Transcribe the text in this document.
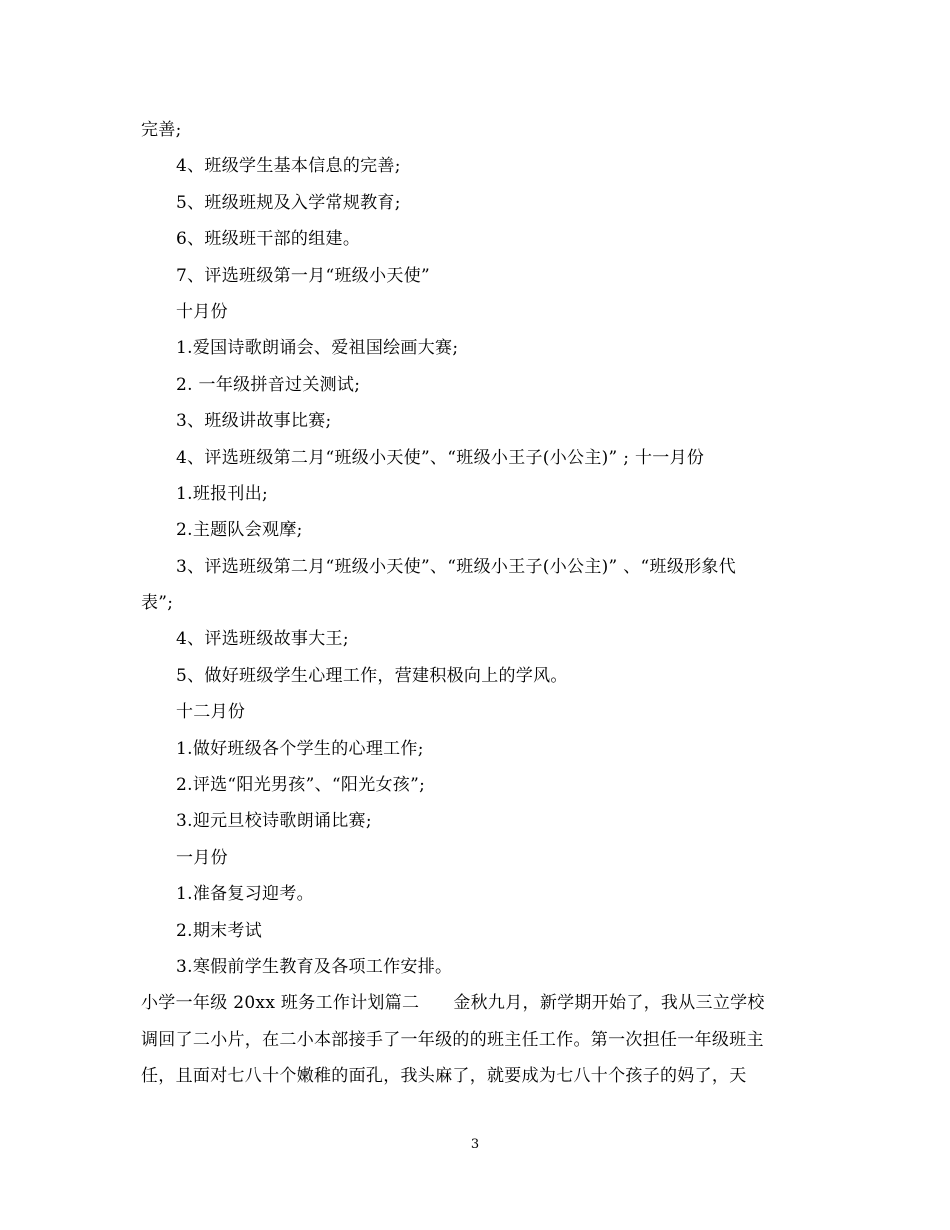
完善;
4、班级学生基本信息的完善;
5、班级班规及入学常规教育;
6、班级班干部的组建。
7、评选班级第一月“班级小天使”
十月份
1.爱国诗歌朗诵会、爱祖国绘画大赛;
2. 一年级拼音过关测试;
3、班级讲故事比赛;
4、评选班级第二月“班级小天使”、“班级小王子(小公主)” ; 十一月份
1.班报刊出;
2.主题队会观摩;
3、评选班级第二月“班级小天使”、“班级小王子(小公主)” 、“班级形象代
表”;
4、评选班级故事大王;
5、做好班级学生心理工作，营建积极向上的学风。
十二月份
1.做好班级各个学生的心理工作;
2.评选“阳光男孩”、“阳光女孩”;
3.迎元旦校诗歌朗诵比赛;
一月份
1.准备复习迎考。
2.期末考试
3.寒假前学生教育及各项工作安排。
小学一年级 20xx 班务工作计划篇二 金秋九月，新学期开始了，我从三立学校
调回了二小片，在二小本部接手了一年级的的班主任工作。第一次担任一年级班主
任，且面对七八十个嫩稚的面孔，我头麻了，就要成为七八十个孩子的妈了，天
3
